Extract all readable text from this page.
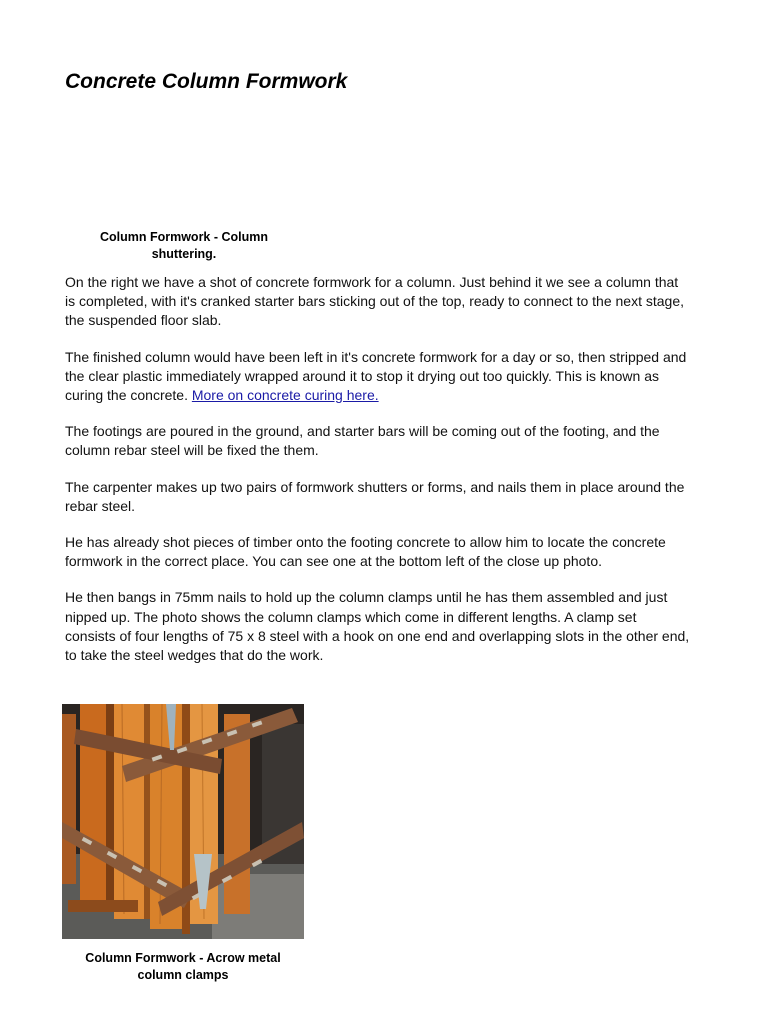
Concrete Column Formwork
Column Formwork - Column shuttering.

On the right we have a shot of concrete formwork for a column. Just behind it we see a column that is completed, with it's cranked starter bars sticking out of the top, ready to connect to the next stage, the suspended floor slab.

The finished column would have been left in it's concrete formwork for a day or so, then stripped and the clear plastic immediately wrapped around it to stop it drying out too quickly. This is known as curing the concrete. More on concrete curing here.

The footings are poured in the ground, and starter bars will be coming out of the footing, and the column rebar steel will be fixed the them.

The carpenter makes up two pairs of formwork shutters or forms, and nails them in place around the rebar steel.

He has already shot pieces of timber onto the footing concrete to allow him to locate the concrete formwork in the correct place. You can see one at the bottom left of the close up photo.

He then bangs in 75mm nails to hold up the column clamps until he has them assembled and just nipped up. The photo shows the column clamps which come in different lengths. A clamp set consists of four lengths of 75 x 8 steel with a hook on one end and overlapping slots in the other end, to take the steel wedges that do the work.

Column Formwork - Acrow metal column clamps
